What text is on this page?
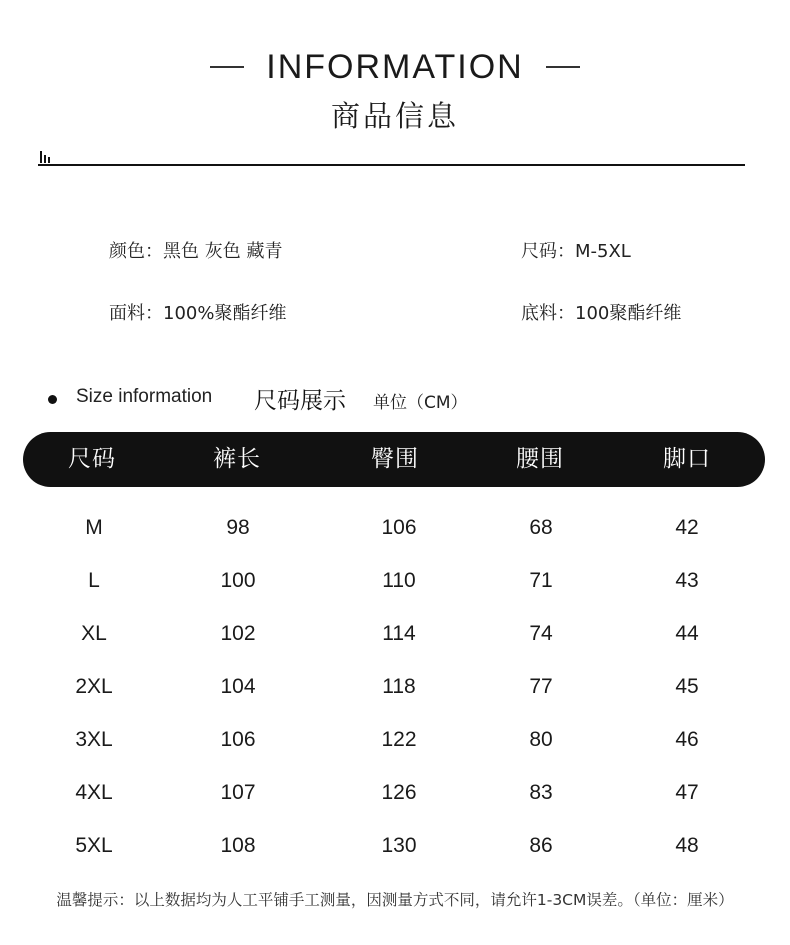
INFORMATION
商品信息
颜色：黑色 灰色 藏青	尺码：M-5XL
面料：100%聚酯纤维	底料：100聚酯纤维
Size information 尺码展示 单位（CM）
尺码	裤长	臀围	腰围	脚口
M	98	106	68	42
L	100	110	71	43
XL	102	114	74	44
2XL	104	118	77	45
3XL	106	122	80	46
4XL	107	126	83	47
5XL	108	130	86	48
温馨提示：以上数据均为人工平铺手工测量，因测量方式不同，请允许1-3CM误差。（单位：厘米）
